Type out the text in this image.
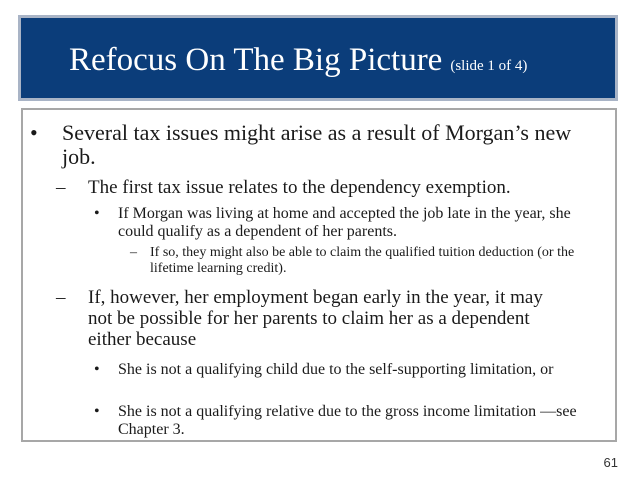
Refocus On The Big Picture (slide 1 of 4)
• Several tax issues might arise as a result of Morgan’s new job.
– The first tax issue relates to the dependency exemption.
• If Morgan was living at home and accepted the job late in the year, she could qualify as a dependent of her parents.
– If so, they might also be able to claim the qualified tuition deduction (or the lifetime learning credit).
– If, however, her employment began early in the year, it may not be possible for her parents to claim her as a dependent either because
• She is not a qualifying child due to the self-supporting limitation, or
• She is not a qualifying relative due to the gross income limitation —see Chapter 3.
61
